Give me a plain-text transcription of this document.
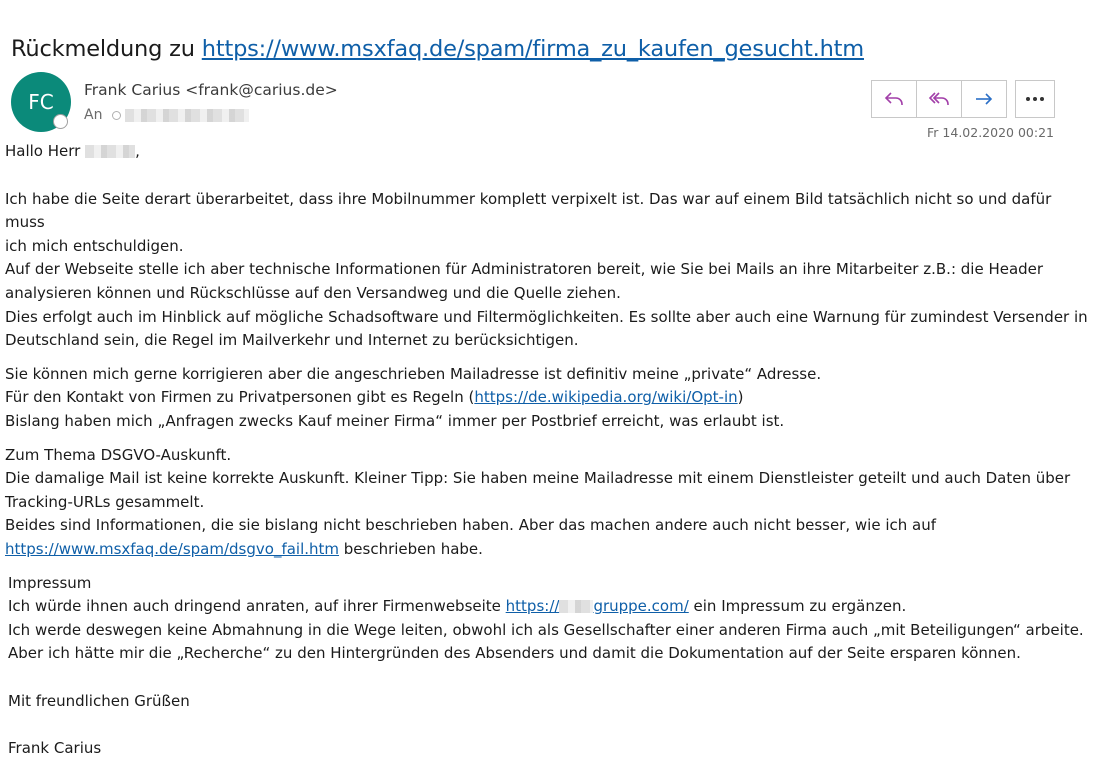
Rückmeldung zu https://www.msxfaq.de/spam/firma_zu_kaufen_gesucht.htm
FC	Frank Carius <frank@carius.de>
An
Fr 14.02.2020 00:21

Hallo Herr	,

Ich habe die Seite derart überarbeitet, dass ihre Mobilnummer komplett verpixelt ist. Das war auf einem Bild tatsächlich nicht so und dafür muss

ich mich entschuldigen.

Auf der Webseite stelle ich aber technische Informationen für Administratoren bereit, wie Sie bei Mails an ihre Mitarbeiter z.B.: die Header

analysieren können und Rückschlüsse auf den Versandweg und die Quelle ziehen.

Dies erfolgt auch im Hinblick auf mögliche Schadsoftware und Filtermöglichkeiten. Es sollte aber auch eine Warnung für zumindest Versender in

Deutschland sein, die Regel im Mailverkehr und Internet zu berücksichtigen.

Sie können mich gerne korrigieren aber die angeschrieben Mailadresse ist definitiv meine „private“ Adresse.

Für den Kontakt von Firmen zu Privatpersonen gibt es Regeln (https://de.wikipedia.org/wiki/Opt-in)

Bislang haben mich „Anfragen zwecks Kauf meiner Firma“ immer per Postbrief erreicht, was erlaubt ist.

Zum Thema DSGVO-Auskunft.

Die damalige Mail ist keine korrekte Auskunft. Kleiner Tipp: Sie haben meine Mailadresse mit einem Dienstleister geteilt und auch Daten über

Tracking-URLs gesammelt.

Beides sind Informationen, die sie bislang nicht beschrieben haben. Aber das machen andere auch nicht besser, wie ich auf

https://www.msxfaq.de/spam/dsgvo_fail.htm beschrieben habe.

Impressum

Ich würde ihnen auch dringend anraten, auf ihrer Firmenwebseite https:// gruppe.com/ ein Impressum zu ergänzen.

Ich werde deswegen keine Abmahnung in die Wege leiten, obwohl ich als Gesellschafter einer anderen Firma auch „mit Beteiligungen“ arbeite.

Aber ich hätte mir die „Recherche“ zu den Hintergründen des Absenders und damit die Dokumentation auf der Seite ersparen können.

Mit freundlichen Grüßen

Frank Carius
